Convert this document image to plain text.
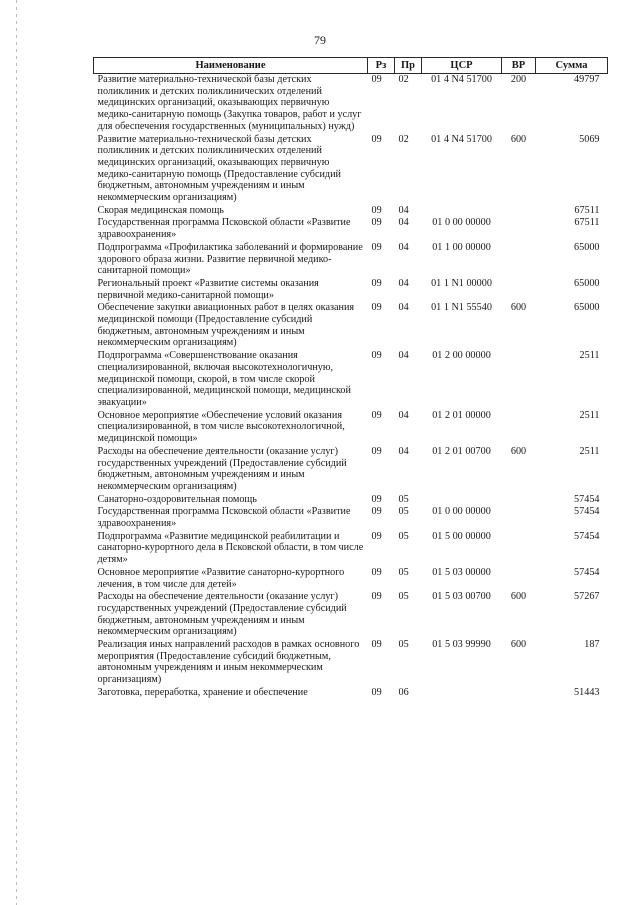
79
Наименование	Рз	Пр	ЦСР	ВР	Сумма
Развитие материально-технической базы детских поликлиник и детских поликлинических отделений медицинских организаций, оказывающих первичную медико-санитарную помощь (Закупка товаров, работ и услуг для обеспечения государственных (муниципальных) нужд)	09	02	01 4 N4 51700	200	49797
Развитие материально-технической базы детских поликлиник и детских поликлинических отделений медицинских организаций, оказывающих первичную медико-санитарную помощь (Предоставление субсидий бюджетным, автономным учреждениям и иным некоммерческим организациям)	09	02	01 4 N4 51700	600	5069
Скорая медицинская помощь	09	04			67511
Государственная программа Псковской области «Развитие здравоохранения»	09	04	01 0 00 00000		67511
Подпрограмма «Профилактика заболеваний и формирование здорового образа жизни. Развитие первичной медико-санитарной помощи»	09	04	01 1 00 00000		65000
Региональный проект «Развитие системы оказания первичной медико-санитарной помощи»	09	04	01 1 N1 00000		65000
Обеспечение закупки авиационных работ в целях оказания медицинской помощи (Предоставление субсидий бюджетным, автономным учреждениям и иным некоммерческим организациям)	09	04	01 1 N1 55540	600	65000
Подпрограмма «Совершенствование оказания специализированной, включая высокотехнологичную, медицинской помощи, скорой, в том числе скорой специализированной, медицинской помощи, медицинской эвакуации»	09	04	01 2 00 00000		2511
Основное мероприятие «Обеспечение условий оказания специализированной, в том числе высокотехнологичной, медицинской помощи»	09	04	01 2 01 00000		2511
Расходы на обеспечение деятельности (оказание услуг) государственных учреждений (Предоставление субсидий бюджетным, автономным учреждениям и иным некоммерческим организациям)	09	04	01 2 01 00700	600	2511
Санаторно-оздоровительная помощь	09	05			57454
Государственная программа Псковской области «Развитие здравоохранения»	09	05	01 0 00 00000		57454
Подпрограмма «Развитие медицинской реабилитации и санаторно-курортного дела в Псковской области, в том числе детям»	09	05	01 5 00 00000		57454
Основное мероприятие «Развитие санаторно-курортного лечения, в том числе для детей»	09	05	01 5 03 00000		57454
Расходы на обеспечение деятельности (оказание услуг) государственных учреждений (Предоставление субсидий бюджетным, автономным учреждениям и иным некоммерческим организациям)	09	05	01 5 03 00700	600	57267
Реализация иных направлений расходов в рамках основного мероприятия (Предоставление субсидий бюджетным, автономным учреждениям и иным некоммерческим организациям)	09	05	01 5 03 99990	600	187
Заготовка, переработка, хранение и обеспечение	09	06			51443
